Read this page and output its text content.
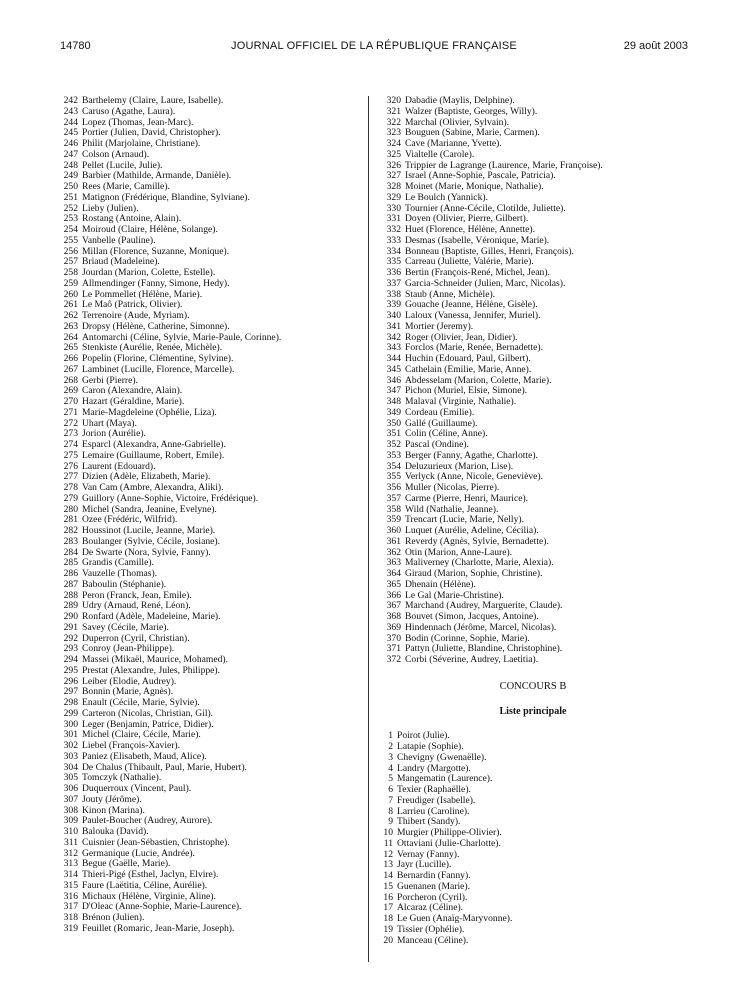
14780	JOURNAL OFFICIEL DE LA RÉPUBLIQUE FRANÇAISE	29 août 2003
242 Barthelemy (Claire, Laure, Isabelle).
243 Caruso (Agathe, Laura).
244 Lopez (Thomas, Jean-Marc).
245 Portier (Julien, David, Christopher).
246 Philit (Marjolaine, Christiane).
247 Colson (Arnaud).
248 Pellet (Lucile, Julie).
249 Barbier (Mathilde, Armande, Danièle).
250 Rees (Marie, Camille).
251 Matignon (Frédérique, Blandine, Sylviane).
252 Lieby (Julien).
253 Rostang (Antoine, Alain).
254 Moiroud (Claire, Hélène, Solange).
255 Vanbelle (Pauline).
256 Millan (Florence, Suzanne, Monique).
257 Briaud (Madeleine).
258 Jourdan (Marion, Colette, Estelle).
259 Allmendinger (Fanny, Simone, Hedy).
260 Le Pommellet (Hélène, Marie).
261 Le Maô (Patrick, Olivier).
262 Terrenoire (Aude, Myriam).
263 Dropsy (Hélène, Catherine, Simonne).
264 Antomarchi (Céline, Sylvie, Marie-Paule, Corinne).
265 Stenkiste (Aurélie, Renée, Michèle).
266 Popelin (Florine, Clémentine, Sylvine).
267 Lambinet (Lucille, Florence, Marcelle).
268 Gerbi (Pierre).
269 Caron (Alexandre, Alain).
270 Hazart (Géraldine, Marie).
271 Marie-Magdeleine (Ophélie, Liza).
272 Uhart (Maya).
273 Jorion (Aurélie).
274 Esparcl (Alexandra, Anne-Gabrielle).
275 Lemaire (Guillaume, Robert, Emile).
276 Laurent (Edouard).
277 Dizien (Adèle, Elizabeth, Marie).
278 Van Cam (Ambre, Alexandra, Aliki).
279 Guillory (Anne-Sophie, Victoire, Frédérique).
280 Michel (Sandra, Jeanine, Evelyne).
281 Ozee (Frédéric, Wilfrid).
282 Houssinot (Lucile, Jeanne, Marie).
283 Boulanger (Sylvie, Cécile, Josiane).
284 De Swarte (Nora, Sylvie, Fanny).
285 Grandis (Camille).
286 Vauzelle (Thomas).
287 Baboulin (Stéphanie).
288 Peron (Franck, Jean, Emile).
289 Udry (Arnaud, René, Léon).
290 Ronfard (Adèle, Madeleine, Marie).
291 Savey (Cécile, Marie).
292 Duperron (Cyril, Christian).
293 Conroy (Jean-Philippe).
294 Massei (Mikaël, Maurice, Mohamed).
295 Prestat (Alexandre, Jules, Philippe).
296 Leiber (Elodie, Audrey).
297 Bonnin (Marie, Agnès).
298 Enault (Cécile, Marie, Sylvie).
299 Carteron (Nicolas, Christian, Gil).
300 Leger (Benjamin, Patrice, Didier).
301 Michel (Claire, Cécile, Marie).
302 Liebel (François-Xavier).
303 Paniez (Elisabeth, Maud, Alice).
304 De Chalus (Thibault, Paul, Marie, Hubert).
305 Tomczyk (Nathalie).
306 Duquerroux (Vincent, Paul).
307 Jouty (Jérôme).
308 Kinon (Marina).
309 Paulet-Boucher (Audrey, Aurore).
310 Balouka (David).
311 Cuisnier (Jean-Sébastien, Christophe).
312 Germanique (Lucie, Andrée).
313 Begue (Gaëlle, Marie).
314 Thieri-Pigé (Esthel, Jaclyn, Elvire).
315 Faure (Laëtitia, Céline, Aurélie).
316 Michaux (Hélène, Virginie, Aline).
317 D'Oleac (Anne-Sophie, Marie-Laurence).
318 Brénon (Julien).
319 Feuillet (Romaric, Jean-Marie, Joseph).
320 Dabadie (Maylis, Delphine).
321 Walzer (Baptiste, Georges, Willy).
322 Marchal (Olivier, Sylvain).
323 Bouguen (Sabine, Marie, Carmen).
324 Cave (Marianne, Yvette).
325 Vialtelle (Carole).
326 Trippier de Lagrange (Laurence, Marie, Françoise).
327 Israel (Anne-Sophie, Pascale, Patricia).
328 Moinet (Marie, Monique, Nathalie).
329 Le Boulch (Yannick).
330 Tournier (Anne-Cécile, Clotilde, Juliette).
331 Doyen (Olivier, Pierre, Gilbert).
332 Huet (Florence, Hélène, Annette).
333 Desmas (Isabelle, Véronique, Marie).
334 Bonneau (Baptiste, Gilles, Henri, François).
335 Carreau (Juliette, Valérie, Marie).
336 Bertin (François-René, Michel, Jean).
337 Garcia-Schneider (Julien, Marc, Nicolas).
338 Staub (Anne, Michèle).
339 Gouache (Jeanne, Hélène, Gisèle).
340 Laloux (Vanessa, Jennifer, Muriel).
341 Mortier (Jeremy).
342 Roger (Olivier, Jean, Didier).
343 Forclos (Marie, Renée, Bernadette).
344 Huchin (Edouard, Paul, Gilbert).
345 Cathelain (Emilie, Marie, Anne).
346 Abdesselam (Marion, Colette, Marie).
347 Pichon (Muriel, Elsie, Simone).
348 Malaval (Virginie, Nathalie).
349 Cordeau (Emilie).
350 Gallé (Guillaume).
351 Colin (Céline, Anne).
352 Pascal (Ondine).
353 Berger (Fanny, Agathe, Charlotte).
354 Deluzurieux (Marion, Lise).
355 Verlyck (Anne, Nicole, Geneviève).
356 Muller (Nicolas, Pierre).
357 Carme (Pierre, Henri, Maurice).
358 Wild (Nathalie, Jeanne).
359 Trencart (Lucie, Marie, Nelly).
360 Luquet (Aurélie, Adeline, Cécilia).
361 Reverdy (Agnès, Sylvie, Bernadette).
362 Otin (Marion, Anne-Laure).
363 Maliverney (Charlotte, Marie, Alexia).
364 Giraud (Marion, Sophie, Christine).
365 Dhenain (Hélène).
366 Le Gal (Marie-Christine).
367 Marchand (Audrey, Marguerite, Claude).
368 Bouvet (Simon, Jacques, Antoine).
369 Hindennach (Jérôme, Marcel, Nicolas).
370 Bodin (Corinne, Sophie, Marie).
371 Pattyn (Juliette, Blandine, Christophine).
372 Corbi (Séverine, Audrey, Laetitia).
CONCOURS B
Liste principale
1 Poirot (Julie).
2 Latapie (Sophie).
3 Chevigny (Gwenaëlle).
4 Landry (Margotte).
5 Mangematin (Laurence).
6 Texier (Raphaëlle).
7 Freudiger (Isabelle).
8 Larrieu (Caroline).
9 Thibert (Sandy).
10 Murgier (Philippe-Olivier).
11 Ottaviani (Julie-Charlotte).
12 Vernay (Fanny).
13 Jayr (Lucille).
14 Bernardin (Fanny).
15 Guenanen (Marie).
16 Porcheron (Cyril).
17 Alcaraz (Céline).
18 Le Guen (Anaïg-Maryvonne).
19 Tissier (Ophélie).
20 Manceau (Céline).
